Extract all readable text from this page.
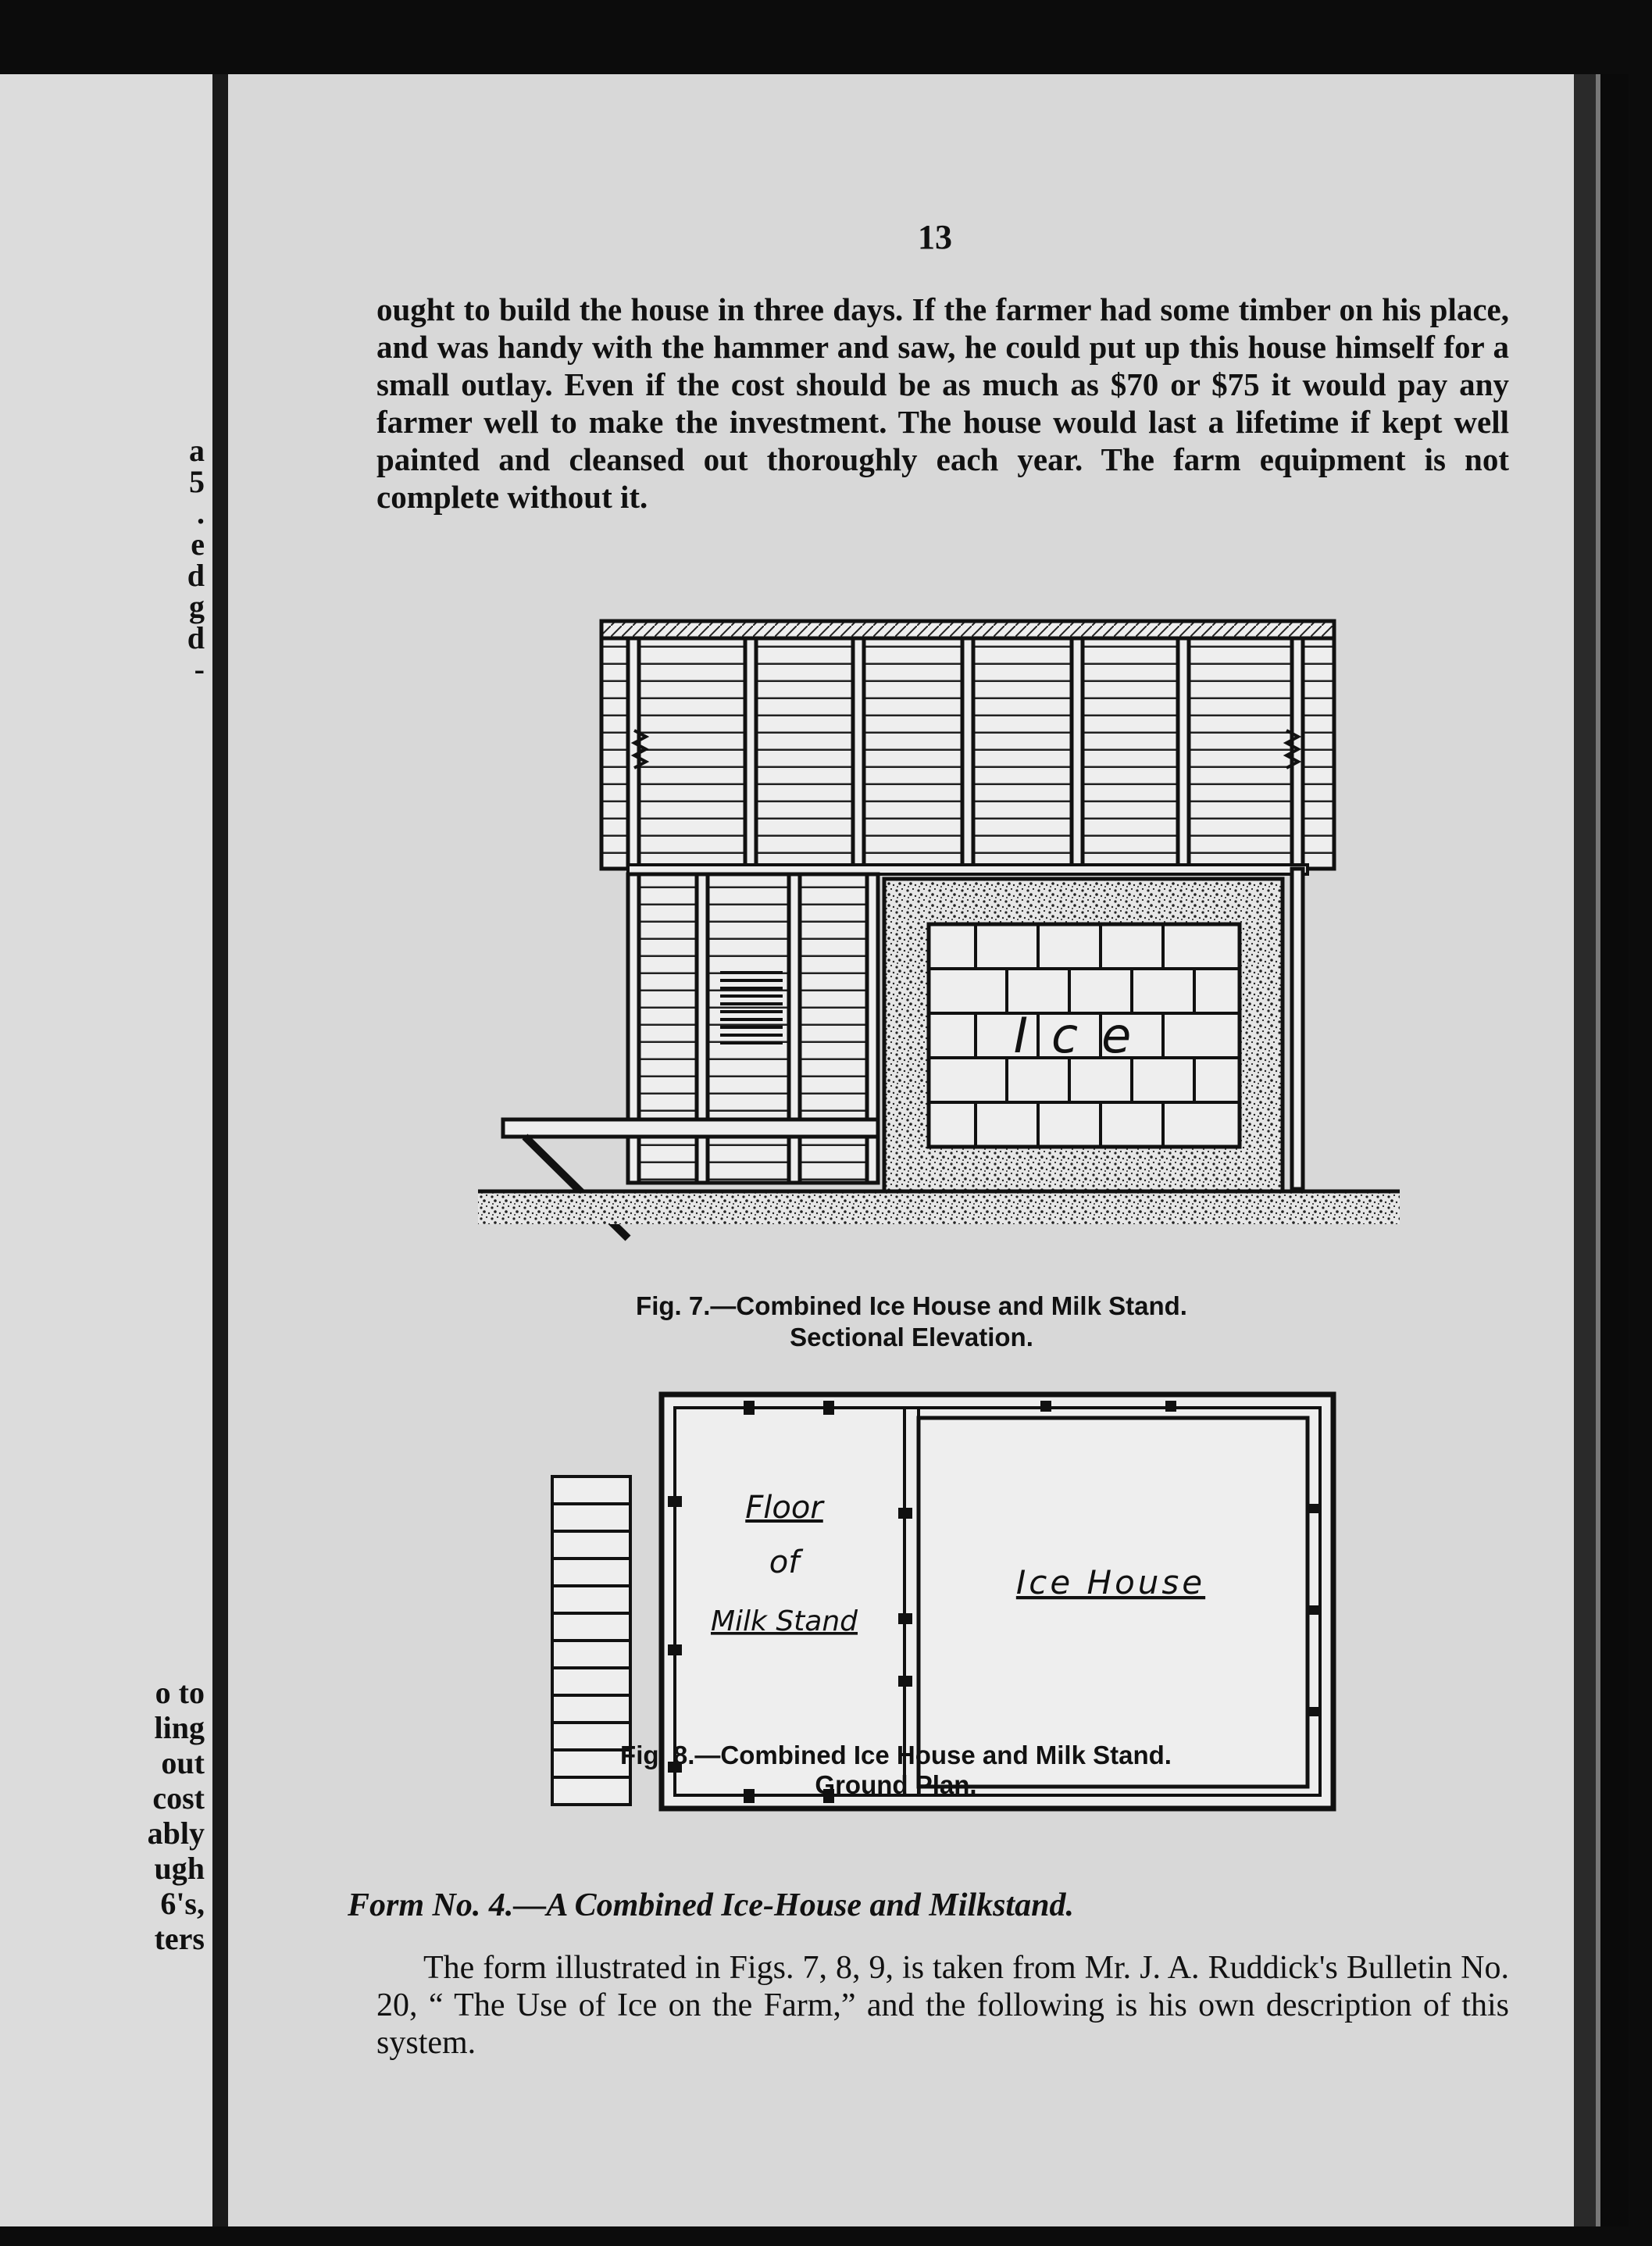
a
5
.
e
d
g
d
-
o to
ling
out
cost
ably
ugh
6's,
ters
13
ought to build the house in three days. If the farmer had some timber on his place, and was handy with the hammer and saw, he could put up this house himself for a small outlay. Even if the cost should be as much as $70 or $75 it would pay any farmer well to make the investment. The house would last a lifetime if kept well painted and cleansed out thoroughly each year. The farm equipment is not complete without it.
Ice
Fig. 7.—Combined Ice House and Milk Stand.
Sectional Elevation.
Floor
of
Milk Stand
Ice House
Fig. 8.—Combined Ice House and Milk Stand.
Ground Plan.
Form No. 4.—A Combined Ice-House and Milkstand.
The form illustrated in Figs. 7, 8, 9, is taken from Mr. J. A. Ruddick's Bulletin No. 20, “ The Use of Ice on the Farm,” and the following is his own description of this system.
